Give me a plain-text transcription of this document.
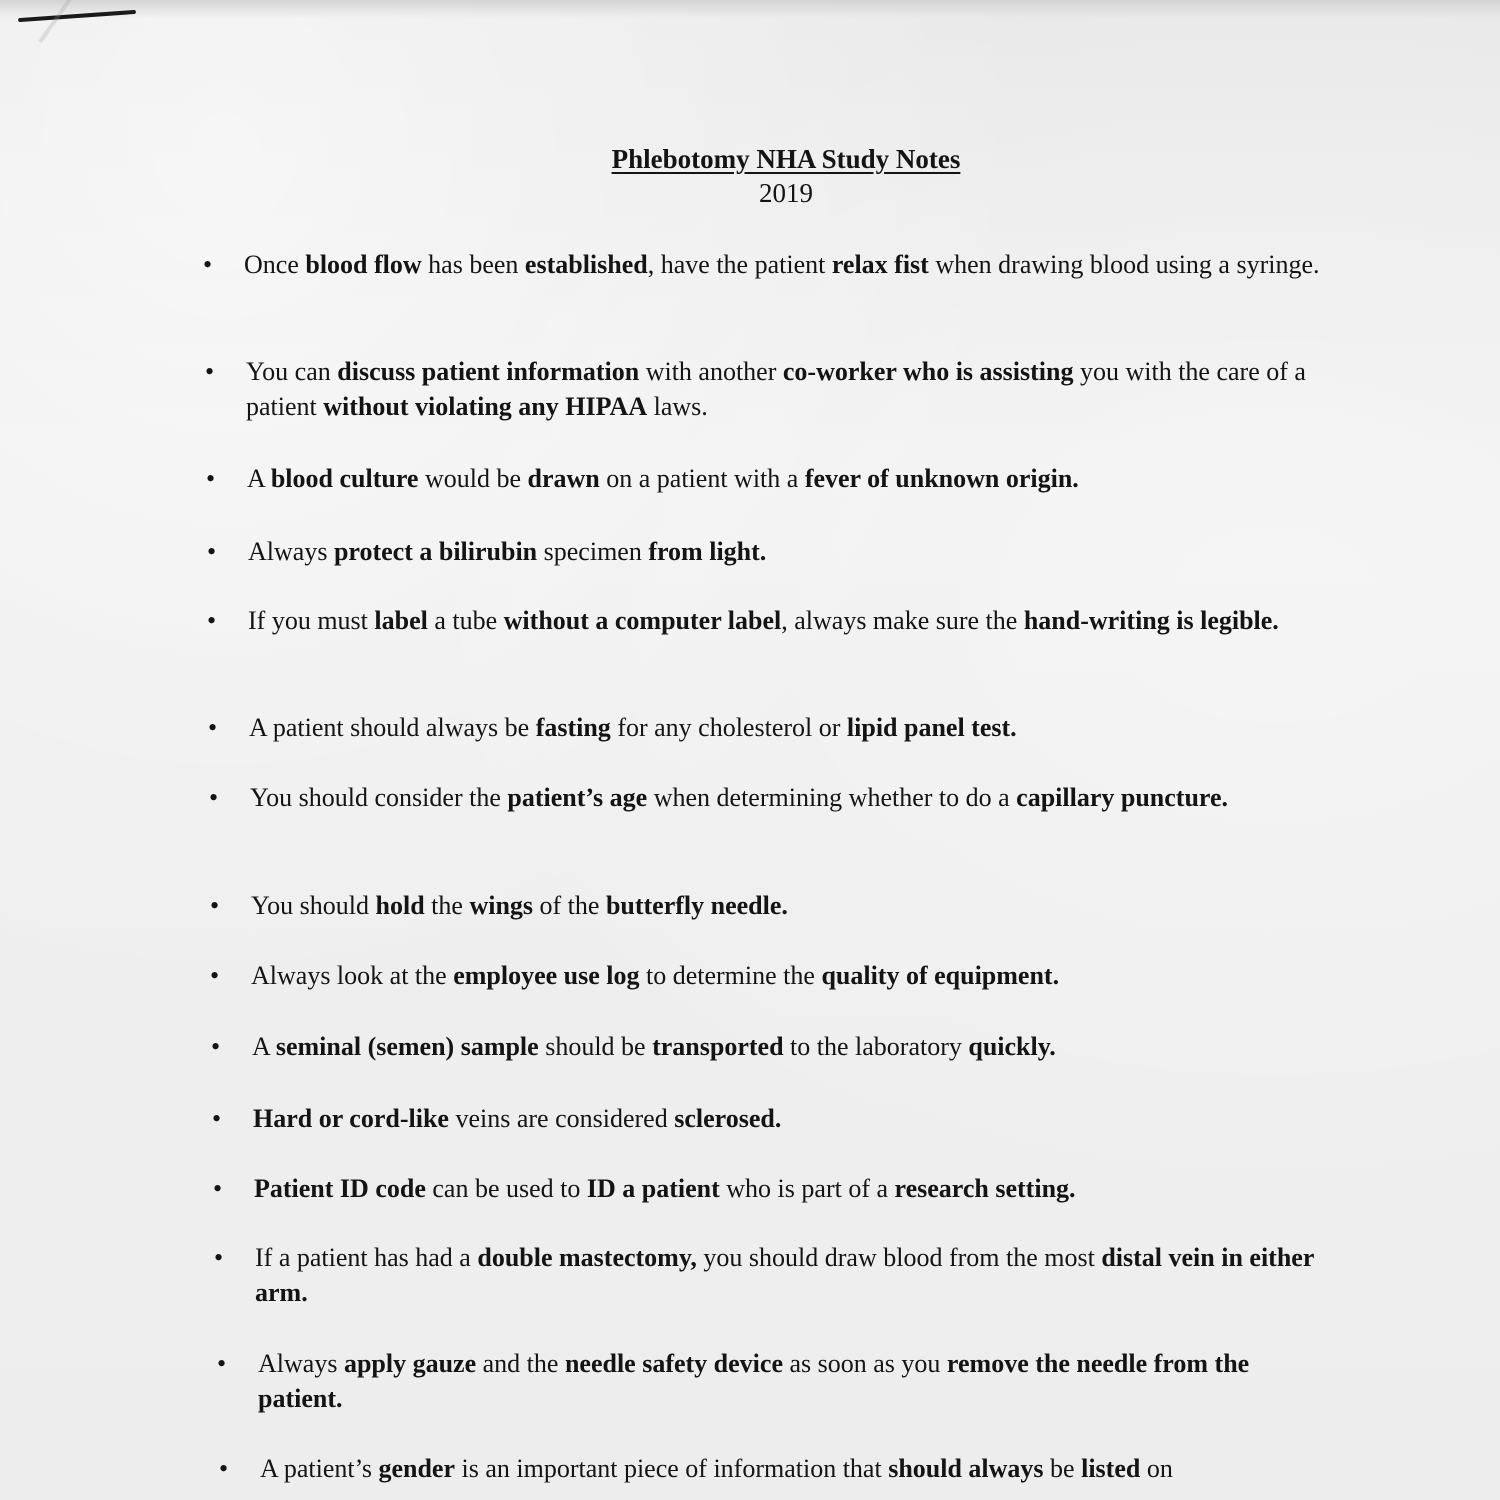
Phlebotomy NHA Study Notes
2019
• Once blood flow has been established, have the patient relax fist when drawing blood using a syringe.
• You can discuss patient information with another co-worker who is assisting you with the care of a patient without violating any HIPAA laws.
• A blood culture would be drawn on a patient with a fever of unknown origin.
• Always protect a bilirubin specimen from light.
• If you must label a tube without a computer label, always make sure the hand-writing is legible.
• A patient should always be fasting for any cholesterol or lipid panel test.
• You should consider the patient’s age when determining whether to do a capillary puncture.
• You should hold the wings of the butterfly needle.
• Always look at the employee use log to determine the quality of equipment.
• A seminal (semen) sample should be transported to the laboratory quickly.
• Hard or cord-like veins are considered sclerosed.
• Patient ID code can be used to ID a patient who is part of a research setting.
• If a patient has had a double mastectomy, you should draw blood from the most distal vein in either arm.
• Always apply gauze and the needle safety device as soon as you remove the needle from the patient.
• A patient’s gender is an important piece of information that should always be listed on
